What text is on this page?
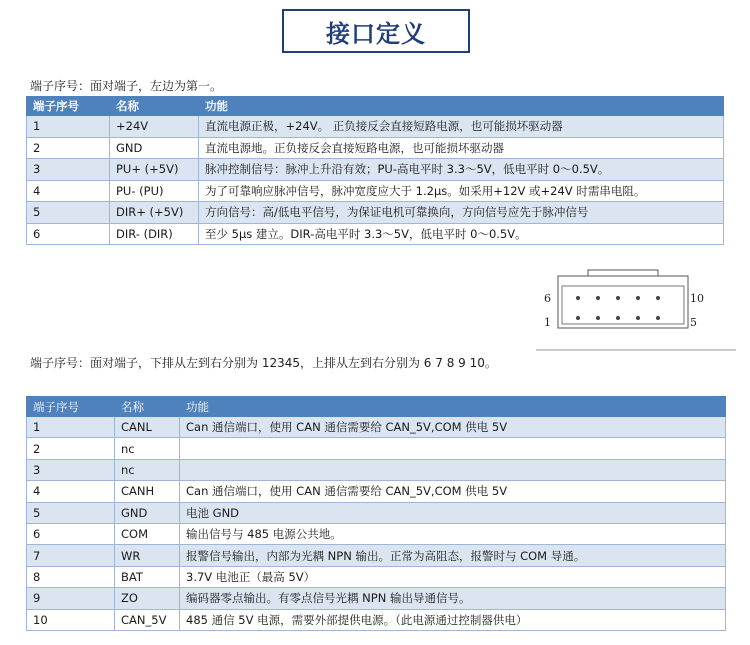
接口定义
端子序号：面对端子，左边为第一。
端子序号	名称	功能
1	+24V	直流电源正极，+24V。 正负接反会直接短路电源，也可能损坏驱动器
2	GND	直流电源地。正负接反会直接短路电源，也可能损坏驱动器
3	PU+ (+5V)	脉冲控制信号：脉冲上升沿有效；PU-高电平时 3.3～5V，低电平时 0～0.5V。
4	PU- (PU)	为了可靠响应脉冲信号，脉冲宽度应大于 1.2μs。如采用+12V 或+24V 时需串电阻。
5	DIR+ (+5V)	方向信号：高/低电平信号，为保证电机可靠换向，方向信号应先于脉冲信号
6	DIR- (DIR)	至少 5μs 建立。DIR-高电平时 3.3～5V，低电平时 0～0.5V。
6	10
1	5
端子序号：面对端子，下排从左到右分别为 12345，上排从左到右分别为 6 7 8 9 10。
端子序号	名称	功能
1	CANL	Can 通信端口，使用 CAN 通信需要给 CAN_5V,COM 供电 5V
2	nc	
3	nc	
4	CANH	Can 通信端口，使用 CAN 通信需要给 CAN_5V,COM 供电 5V
5	GND	电池 GND
6	COM	输出信号与 485 电源公共地。
7	WR	报警信号输出，内部为光耦 NPN 输出。正常为高阻态，报警时与 COM 导通。
8	BAT	3.7V 电池正（最高 5V）
9	ZO	编码器零点输出。有零点信号光耦 NPN 输出导通信号。
10	CAN_5V	485 通信 5V 电源，需要外部提供电源。（此电源通过控制器供电）
